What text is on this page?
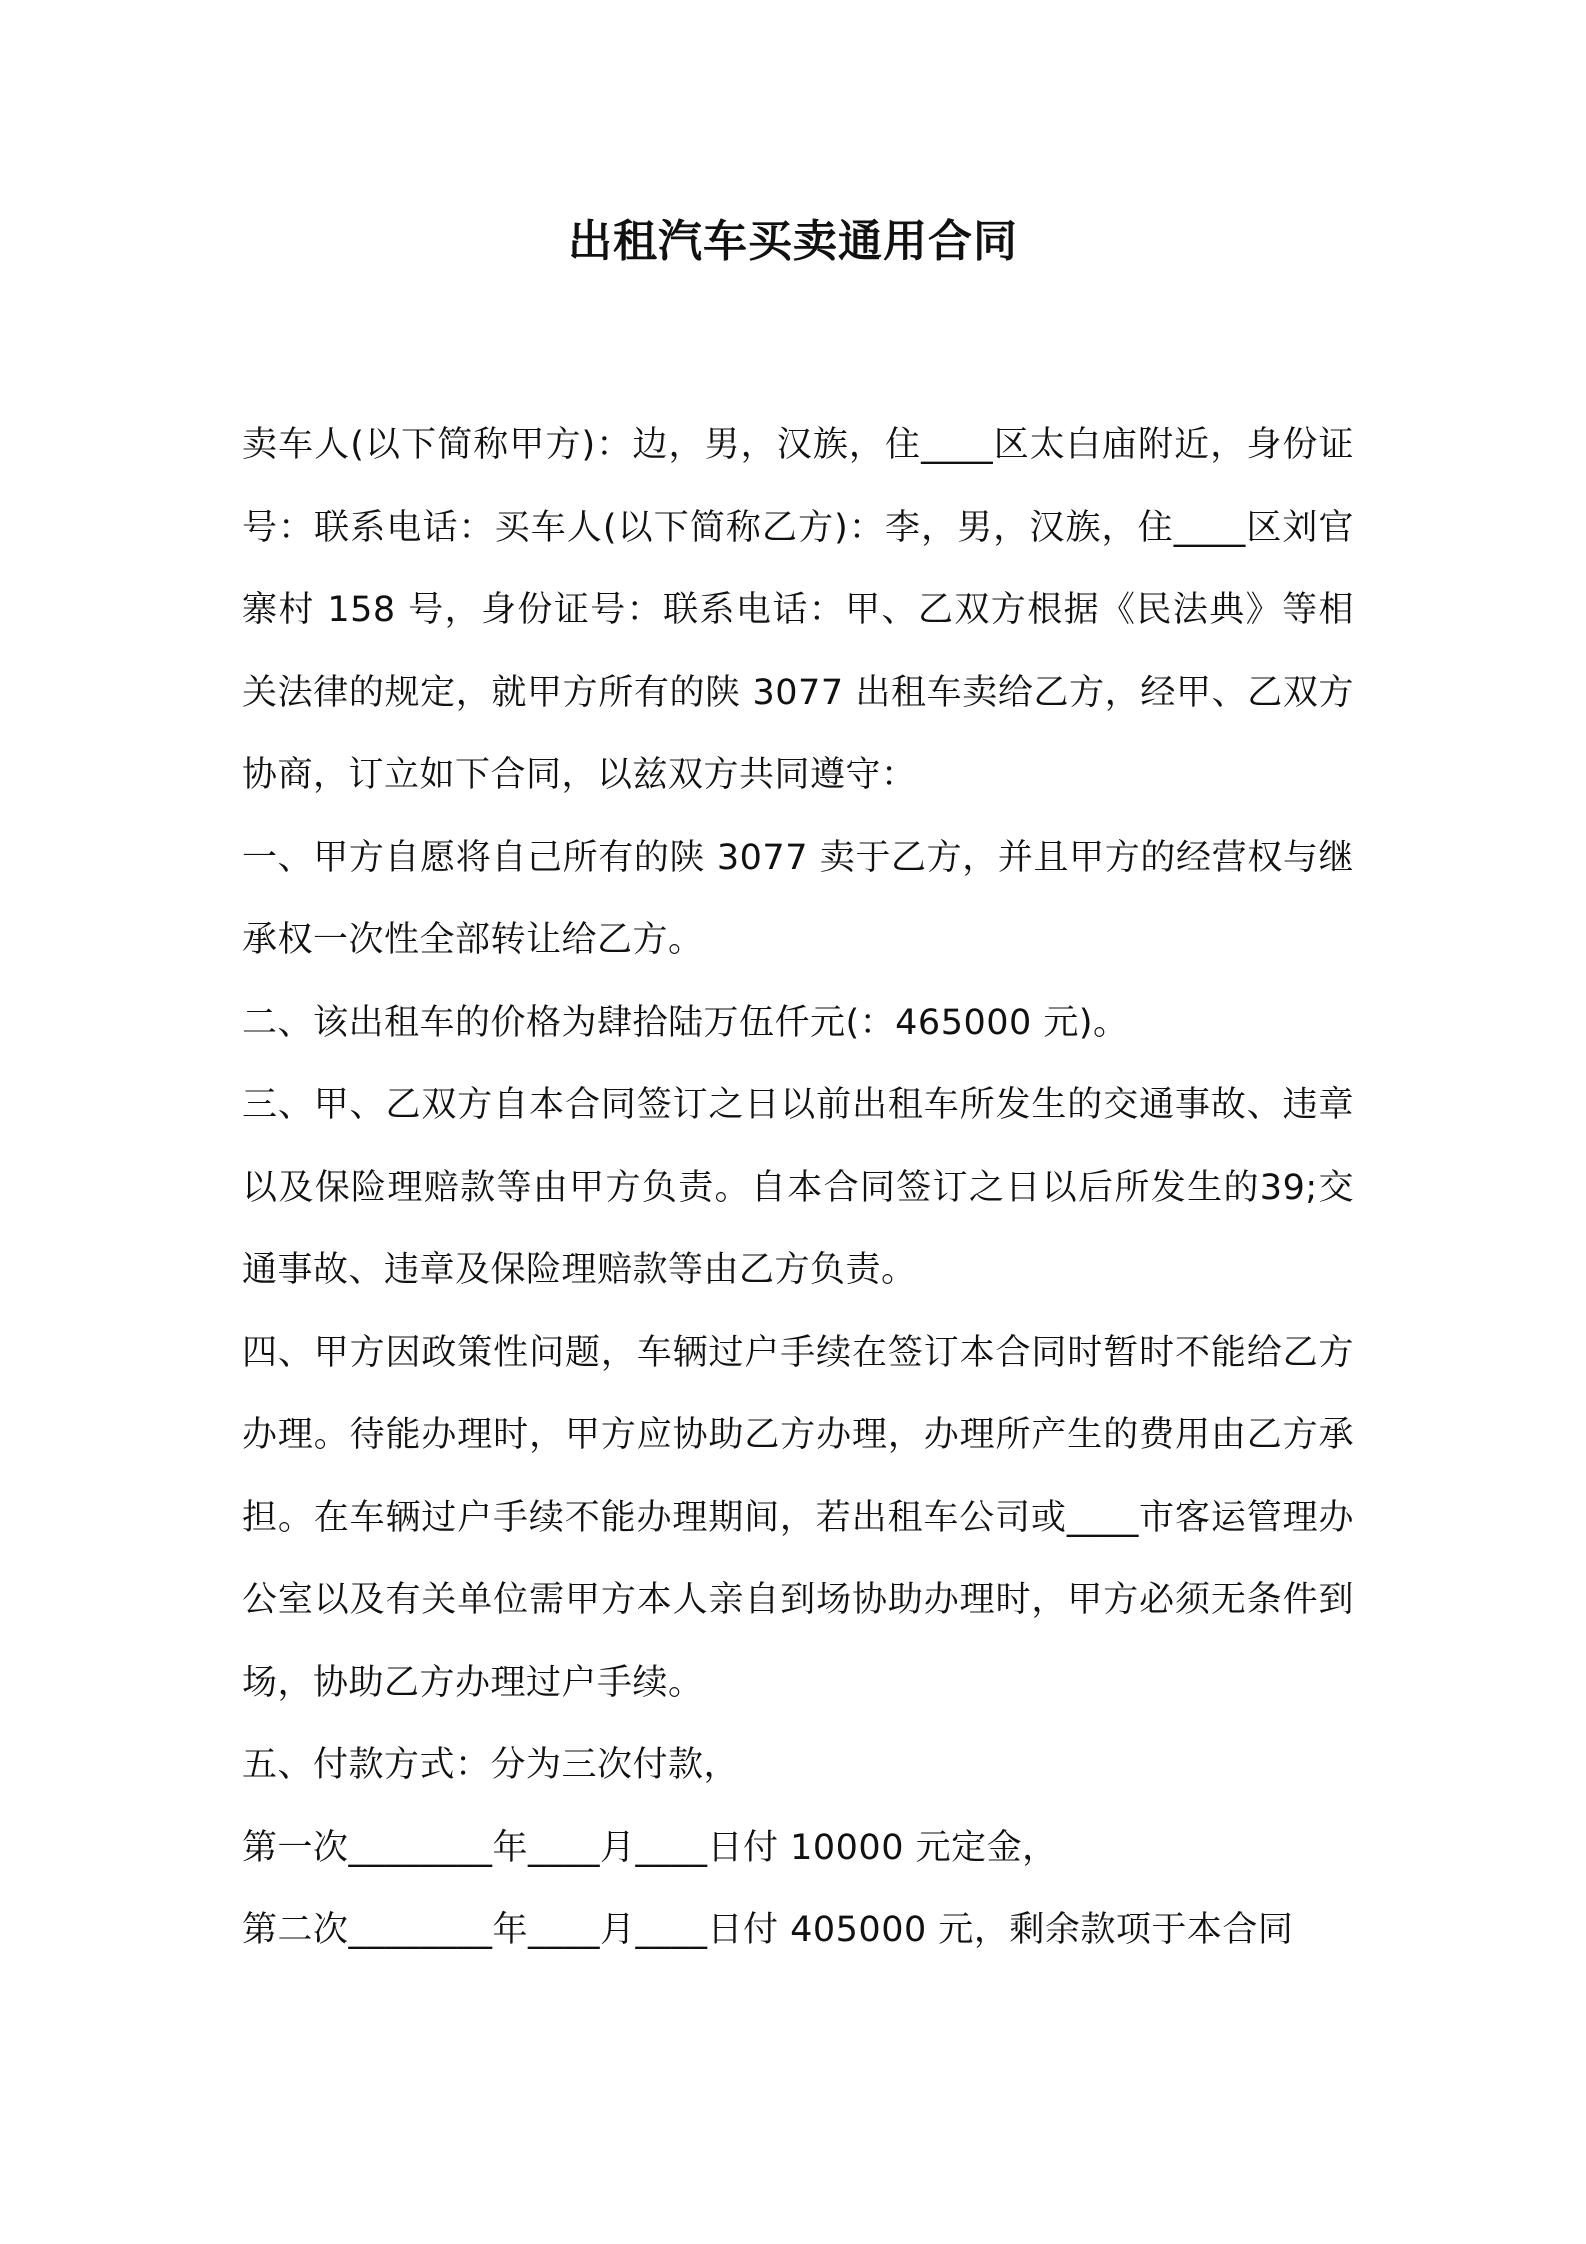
出租汽车买卖通用合同

卖车人(以下简称甲方)：边，男，汉族，住____区太白庙附近，身份证号：联系电话：买车人(以下简称乙方)：李，男，汉族，住____区刘官寨村 158 号，身份证号：联系电话：甲、乙双方根据《民法典》等相关法律的规定，就甲方所有的陕 3077 出租车卖给乙方，经甲、乙双方协商，订立如下合同，以兹双方共同遵守：

一、甲方自愿将自己所有的陕 3077 卖于乙方，并且甲方的经营权与继承权一次性全部转让给乙方。

二、该出租车的价格为肆拾陆万伍仟元(：465000 元)。

三、甲、乙双方自本合同签订之日以前出租车所发生的交通事故、违章以及保险理赔款等由甲方负责。自本合同签订之日以后所发生的39;交通事故、违章及保险理赔款等由乙方负责。

四、甲方因政策性问题，车辆过户手续在签订本合同时暂时不能给乙方办理。待能办理时，甲方应协助乙方办理，办理所产生的费用由乙方承担。在车辆过户手续不能办理期间，若出租车公司或____市客运管理办公室以及有关单位需甲方本人亲自到场协助办理时，甲方必须无条件到场，协助乙方办理过户手续。

五、付款方式：分为三次付款，

第一次________年____月____日付 10000 元定金，

第二次________年____月____日付 405000 元，剩余款项于本合同
